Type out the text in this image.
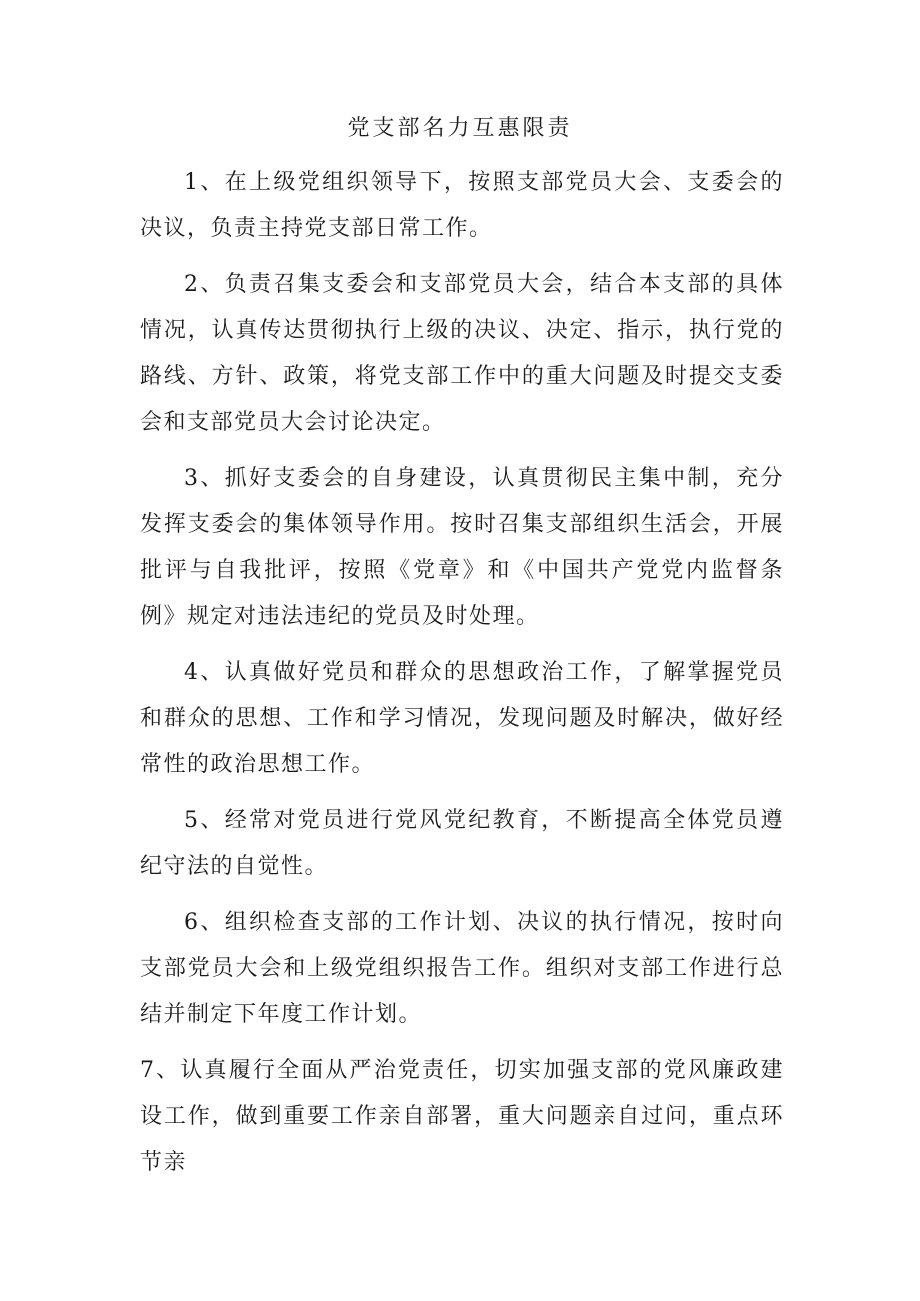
党支部名力互惠限责

1、在上级党组织领导下，按照支部党员大会、支委会的决议，负责主持党支部日常工作。

2、负责召集支委会和支部党员大会，结合本支部的具体情况，认真传达贯彻执行上级的决议、决定、指示，执行党的路线、方针、政策，将党支部工作中的重大问题及时提交支委会和支部党员大会讨论决定。

3、抓好支委会的自身建设，认真贯彻民主集中制，充分发挥支委会的集体领导作用。按时召集支部组织生活会，开展批评与自我批评，按照《党章》和《中国共产党党内监督条例》规定对违法违纪的党员及时处理。

4、认真做好党员和群众的思想政治工作，了解掌握党员和群众的思想、工作和学习情况，发现问题及时解决，做好经常性的政治思想工作。

5、经常对党员进行党风党纪教育，不断提高全体党员遵纪守法的自觉性。

6、组织检查支部的工作计划、决议的执行情况，按时向支部党员大会和上级党组织报告工作。组织对支部工作进行总结并制定下年度工作计划。

7、认真履行全面从严治党责任，切实加强支部的党风廉政建设工作，做到重要工作亲自部署，重大问题亲自过问，重点环节亲
